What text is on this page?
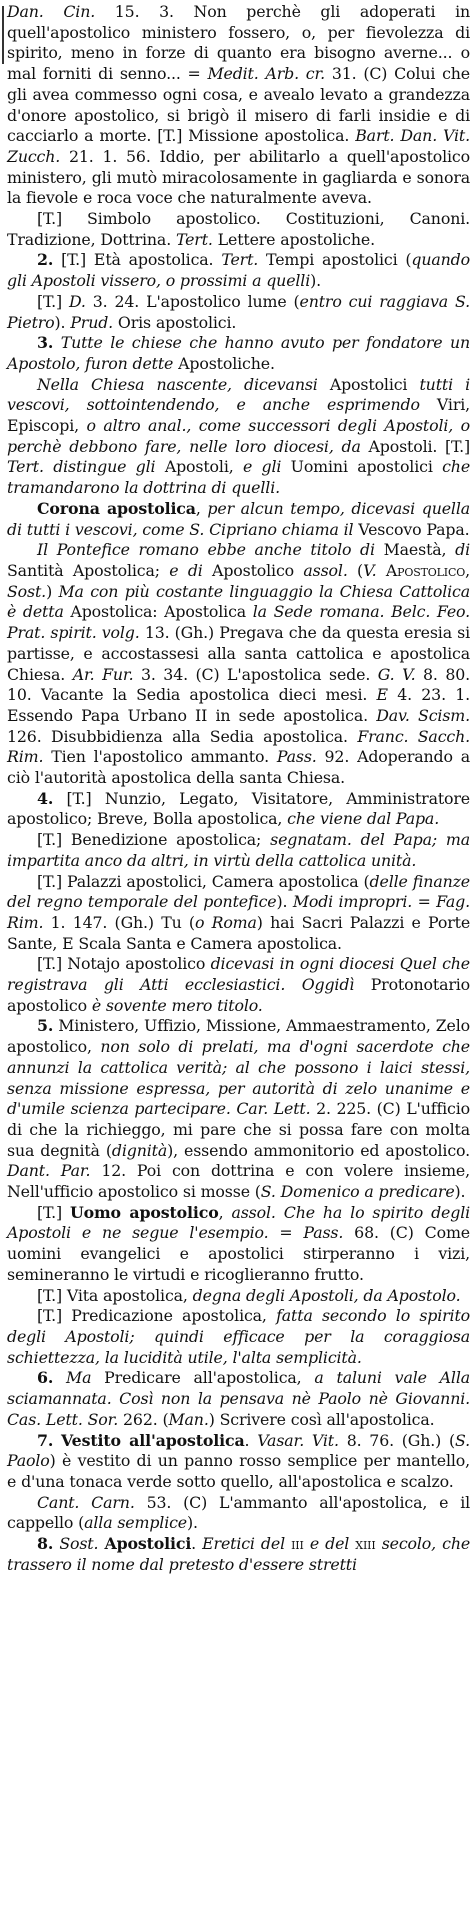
Dan. Cin. 15. 3. Non perchè gli adoperati in quell'apostolico ministero fossero, o, per fievolezza di spirito, meno in forze di quanto era bisogno averne... o mal forniti di senno... = Medit. Arb. cr. 31. (C) Colui che gli avea commesso ogni cosa, e avealo levato a grandezza d'onore apostolico, si brigò il misero di farli insidie e di cacciarlo a morte. [T.] Missione apostolica. Bart. Dan. Vit. Zucch. 21. 1. 56. Iddio, per abilitarlo a quell'apostolico ministero, gli mutò miracolosamente in gagliarda e sonora la fievole e roca voce che naturalmente aveva.

[T.] Simbolo apostolico. Costituzioni, Canoni. Tradizione, Dottrina. Tert. Lettere apostoliche.

2. [T.] Età apostolica. Tert. Tempi apostolici (quando gli Apostoli vissero, o prossimi a quelli).

[T.] D. 3. 24. L'apostolico lume (entro cui raggiava S. Pietro). Prud. Oris apostolici.

3. Tutte le chiese che hanno avuto per fondatore un Apostolo, furon dette Apostoliche.

Nella Chiesa nascente, dicevansi Apostolici tutti i vescovi, sottointendendo, e anche esprimendo Viri, Episcopi, o altro anal., come successori degli Apostoli, o perchè debbono fare, nelle loro diocesi, da Apostoli. [T.] Tert. distingue gli Apostoli, e gli Uomini apostolici che tramandarono la dottrina di quelli.

Corona apostolica, per alcun tempo, dicevasi quella di tutti i vescovi, come S. Cipriano chiama il Vescovo Papa.

Il Pontefice romano ebbe anche titolo di Maestà, di Santità Apostolica; e di Apostolico assol. (V. Apostolico, Sost.) Ma con più costante linguaggio la Chiesa Cattolica è detta Apostolica: Apostolica la Sede romana. Belc. Feo. Prat. spirit. volg. 13. (Gh.) Pregava che da questa eresia si partisse, e accostassesi alla santa cattolica e apostolica Chiesa. Ar. Fur. 3. 34. (C) L'apostolica sede. G. V. 8. 80. 10. Vacante la Sedia apostolica dieci mesi. E 4. 23. 1. Essendo Papa Urbano II in sede apostolica. Dav. Scism. 126. Disubbidienza alla Sedia apostolica. Franc. Sacch. Rim. Tien l'apostolico ammanto. Pass. 92. Adoperando a ciò l'autorità apostolica della santa Chiesa.

4. [T.] Nunzio, Legato, Visitatore, Amministratore apostolico; Breve, Bolla apostolica, che viene dal Papa.

[T.] Benedizione apostolica; segnatam. del Papa; ma impartita anco da altri, in virtù della cattolica unità.

[T.] Palazzi apostolici, Camera apostolica (delle finanze del regno temporale del pontefice). Modi impropri. = Fag. Rim. 1. 147. (Gh.) Tu (o Roma) hai Sacri Palazzi e Porte Sante, E Scala Santa e Camera apostolica.

[T.] Notajo apostolico dicevasi in ogni diocesi Quel che registrava gli Atti ecclesiastici. Oggidì Protonotario apostolico è sovente mero titolo.

5. Ministero, Uffizio, Missione, Ammaestramento, Zelo apostolico, non solo di prelati, ma d'ogni sacerdote che annunzi la cattolica verità; al che possono i laici stessi, senza missione espressa, per autorità di zelo unanime e d'umile scienza partecipare. Car. Lett. 2. 225. (C) L'ufficio di che la richieggo, mi pare che si possa fare con molta sua degnità (dignità), essendo ammonitorio ed apostolico. Dant. Par. 12. Poi con dottrina e con volere insieme, Nell'ufficio apostolico si mosse (S. Domenico a predicare).

[T.] Uomo apostolico, assol. Che ha lo spirito degli Apostoli e ne segue l'esempio. = Pass. 68. (C) Come uomini evangelici e apostolici stirperanno i vizi, semineranno le virtudi e ricoglieranno frutto.

[T.] Vita apostolica, degna degli Apostoli, da Apostolo.

[T.] Predicazione apostolica, fatta secondo lo spirito degli Apostoli; quindi efficace per la coraggiosa schiettezza, la lucidità utile, l'alta semplicità.

6. Ma Predicare all'apostolica, a taluni vale Alla sciamannata. Così non la pensava nè Paolo nè Giovanni. Cas. Lett. Sor. 262. (Man.) Scrivere così all'apostolica.

7. Vestito all'apostolica. Vasar. Vit. 8. 76. (Gh.) (S. Paolo) è vestito di un panno rosso semplice per mantello, e d'una tonaca verde sotto quello, all'apostolica e scalzo.

Cant. Carn. 53. (C) L'ammanto all'apostolica, e il cappello (alla semplice).

8. Sost. Apostolici. Eretici del iii e del xiii secolo, che trassero il nome dal pretesto d'essere stretti
